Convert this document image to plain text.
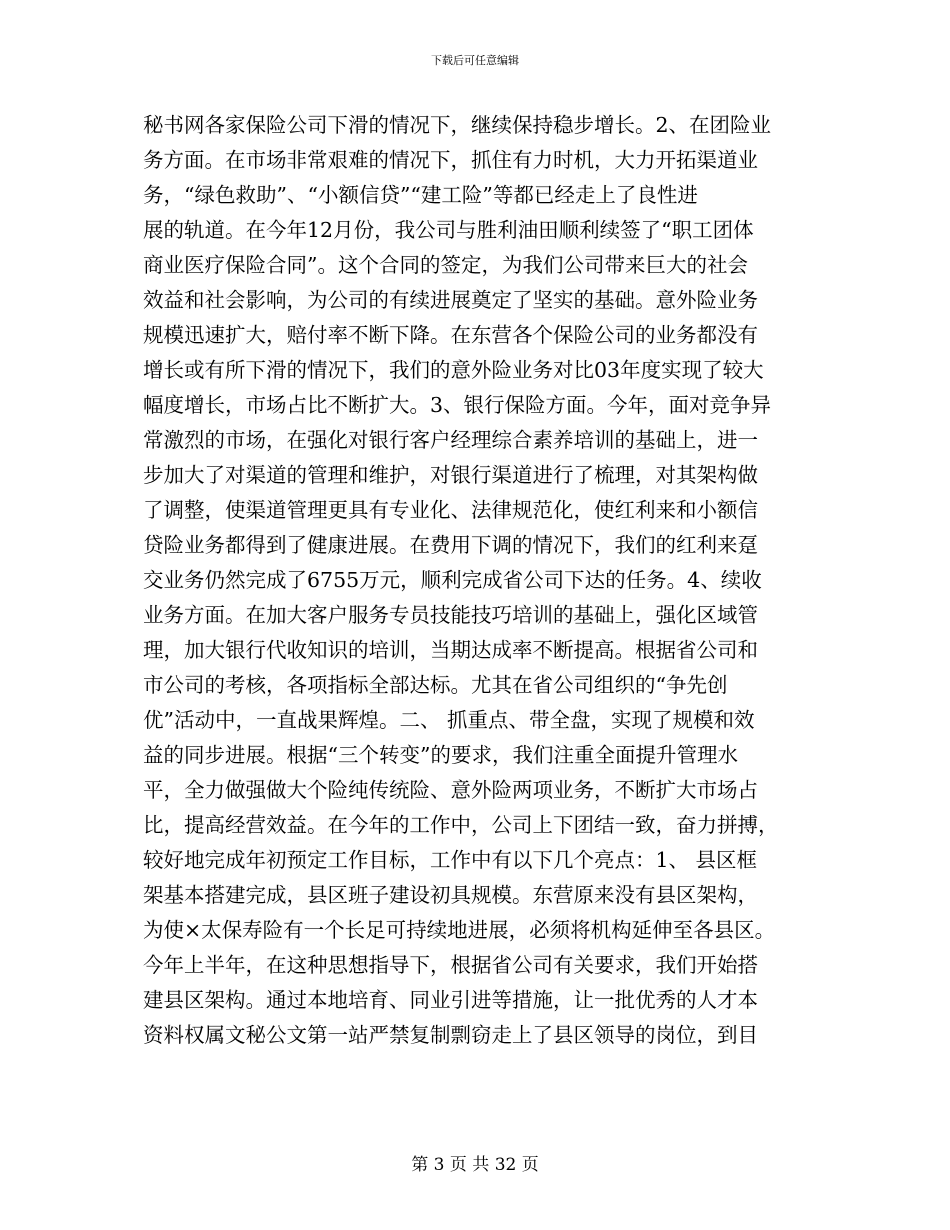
下载后可任意编辑
秘书网各家保险公司下滑的情况下，继续保持稳步增长。2、在团险业
务方面。在市场非常艰难的情况下，抓住有力时机，大力开拓渠道业
务，“绿色救助”、“小额信贷”“建工险”等都已经走上了良性进
展的轨道。在今年12月份，我公司与胜利油田顺利续签了“职工团体
商业医疗保险合同”。这个合同的签定，为我们公司带来巨大的社会
效益和社会影响，为公司的有续进展奠定了坚实的基础。意外险业务
规模迅速扩大，赔付率不断下降。在东营各个保险公司的业务都没有
增长或有所下滑的情况下，我们的意外险业务对比03年度实现了较大
幅度增长，市场占比不断扩大。3、银行保险方面。今年，面对竞争异
常激烈的市场，在强化对银行客户经理综合素养培训的基础上，进一
步加大了对渠道的管理和维护，对银行渠道进行了梳理，对其架构做
了调整，使渠道管理更具有专业化、法律规范化，使红利来和小额信
贷险业务都得到了健康进展。在费用下调的情况下，我们的红利来趸
交业务仍然完成了6755万元，顺利完成省公司下达的任务。4、续收
业务方面。在加大客户服务专员技能技巧培训的基础上，强化区域管
理，加大银行代收知识的培训，当期达成率不断提高。根据省公司和
市公司的考核，各项指标全部达标。尤其在省公司组织的“争先创
优”活动中，一直战果辉煌。二、 抓重点、带全盘，实现了规模和效
益的同步进展。根据“三个转变”的要求，我们注重全面提升管理水
平，全力做强做大个险纯传统险、意外险两项业务，不断扩大市场占
比，提高经营效益。在今年的工作中，公司上下团结一致，奋力拼搏，
较好地完成年初预定工作目标，工作中有以下几个亮点：1、 县区框
架基本搭建完成，县区班子建设初具规模。东营原来没有县区架构，
为使×太保寿险有一个长足可持续地进展，必须将机构延伸至各县区。
今年上半年，在这种思想指导下，根据省公司有关要求，我们开始搭
建县区架构。通过本地培育、同业引进等措施，让一批优秀的人才本
资料权属文秘公文第一站严禁复制剽窃走上了县区领导的岗位，到目
第 3 页 共 32 页
